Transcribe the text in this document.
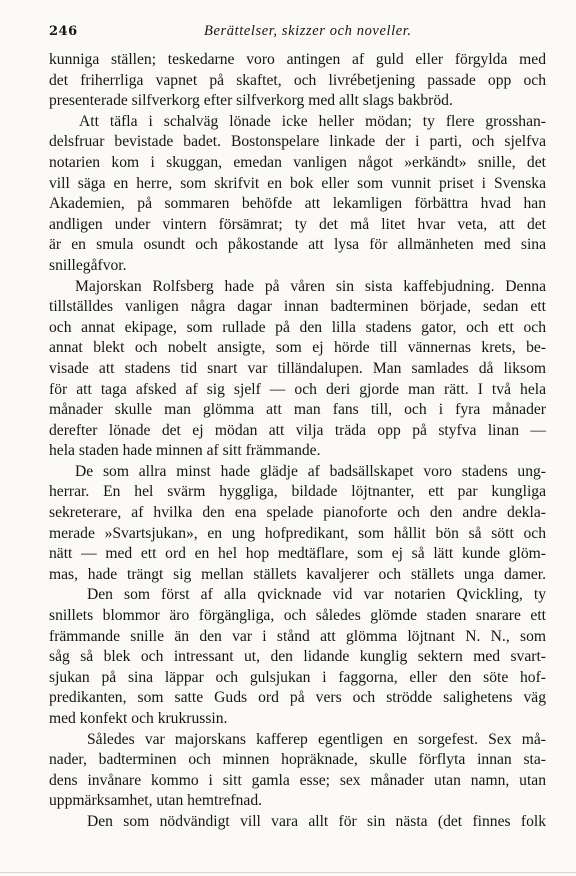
246	Berättelser, skizzer och noveller.
kunniga ställen; teskedarne voro antingen af guld eller förgylda med
det friherrliga vapnet på skaftet, och livrébetjening passade opp och
presenterade silfverkorg efter silfverkorg med allt slags bakbröd.
Att täfla i schalväg lönade icke heller mödan; ty flere grosshan-
delsfruar bevistade badet. Bostonspelare linkade der i parti, och sjelfva
notarien kom i skuggan, emedan vanligen något »erkändt» snille, det
vill säga en herre, som skrifvit en bok eller som vunnit priset i Svenska
Akademien, på sommaren behöfde att lekamligen förbättra hvad han
andligen under vintern försämrat; ty det må litet hvar veta, att det
är en smula osundt och påkostande att lysa för allmänheten med sina
snillegåfvor.
Majorskan Rolfsberg hade på våren sin sista kaffebjudning. Denna
tillställdes vanligen några dagar innan badterminen började, sedan ett
och annat ekipage, som rullade på den lilla stadens gator, och ett och
annat blekt och nobelt ansigte, som ej hörde till vännernas krets, be-
visade att stadens tid snart var tilländalupen. Man samlades då liksom
för att taga afsked af sig sjelf — och deri gjorde man rätt. I två hela
månader skulle man glömma att man fans till, och i fyra månader
derefter lönade det ej mödan att vilja träda opp på styfva linan —
hela staden hade minnen af sitt främmande.
De som allra minst hade glädje af badsällskapet voro stadens ung-
herrar. En hel svärm hyggliga, bildade löjtnanter, ett par kungliga
sekreterare, af hvilka den ena spelade pianoforte och den andre dekla-
merade »Svartsjukan», en ung hofpredikant, som hållit bön så sött och
nätt — med ett ord en hel hop medtäflare, som ej så lätt kunde glöm-
mas, hade trängt sig mellan ställets kavaljerer och ställets unga damer.
Den som först af alla qvicknade vid var notarien Qvickling, ty
snillets blommor äro förgängliga, och således glömde staden snarare ett
främmande snille än den var i stånd att glömma löjtnant N. N., som
såg så blek och intressant ut, den lidande kunglig sektern med svart-
sjukan på sina läppar och gulsjukan i faggorna, eller den söte hof-
predikanten, som satte Guds ord på vers och strödde salighetens väg
med konfekt och krukrussin.
Således var majorskans kafferep egentligen en sorgefest. Sex må-
nader, badterminen och minnen hopräknade, skulle förflyta innan sta-
dens invånare kommo i sitt gamla esse; sex månader utan namn, utan
uppmärksamhet, utan hemtrefnad.
Den som nödvändigt vill vara allt för sin nästa (det finnes folk
